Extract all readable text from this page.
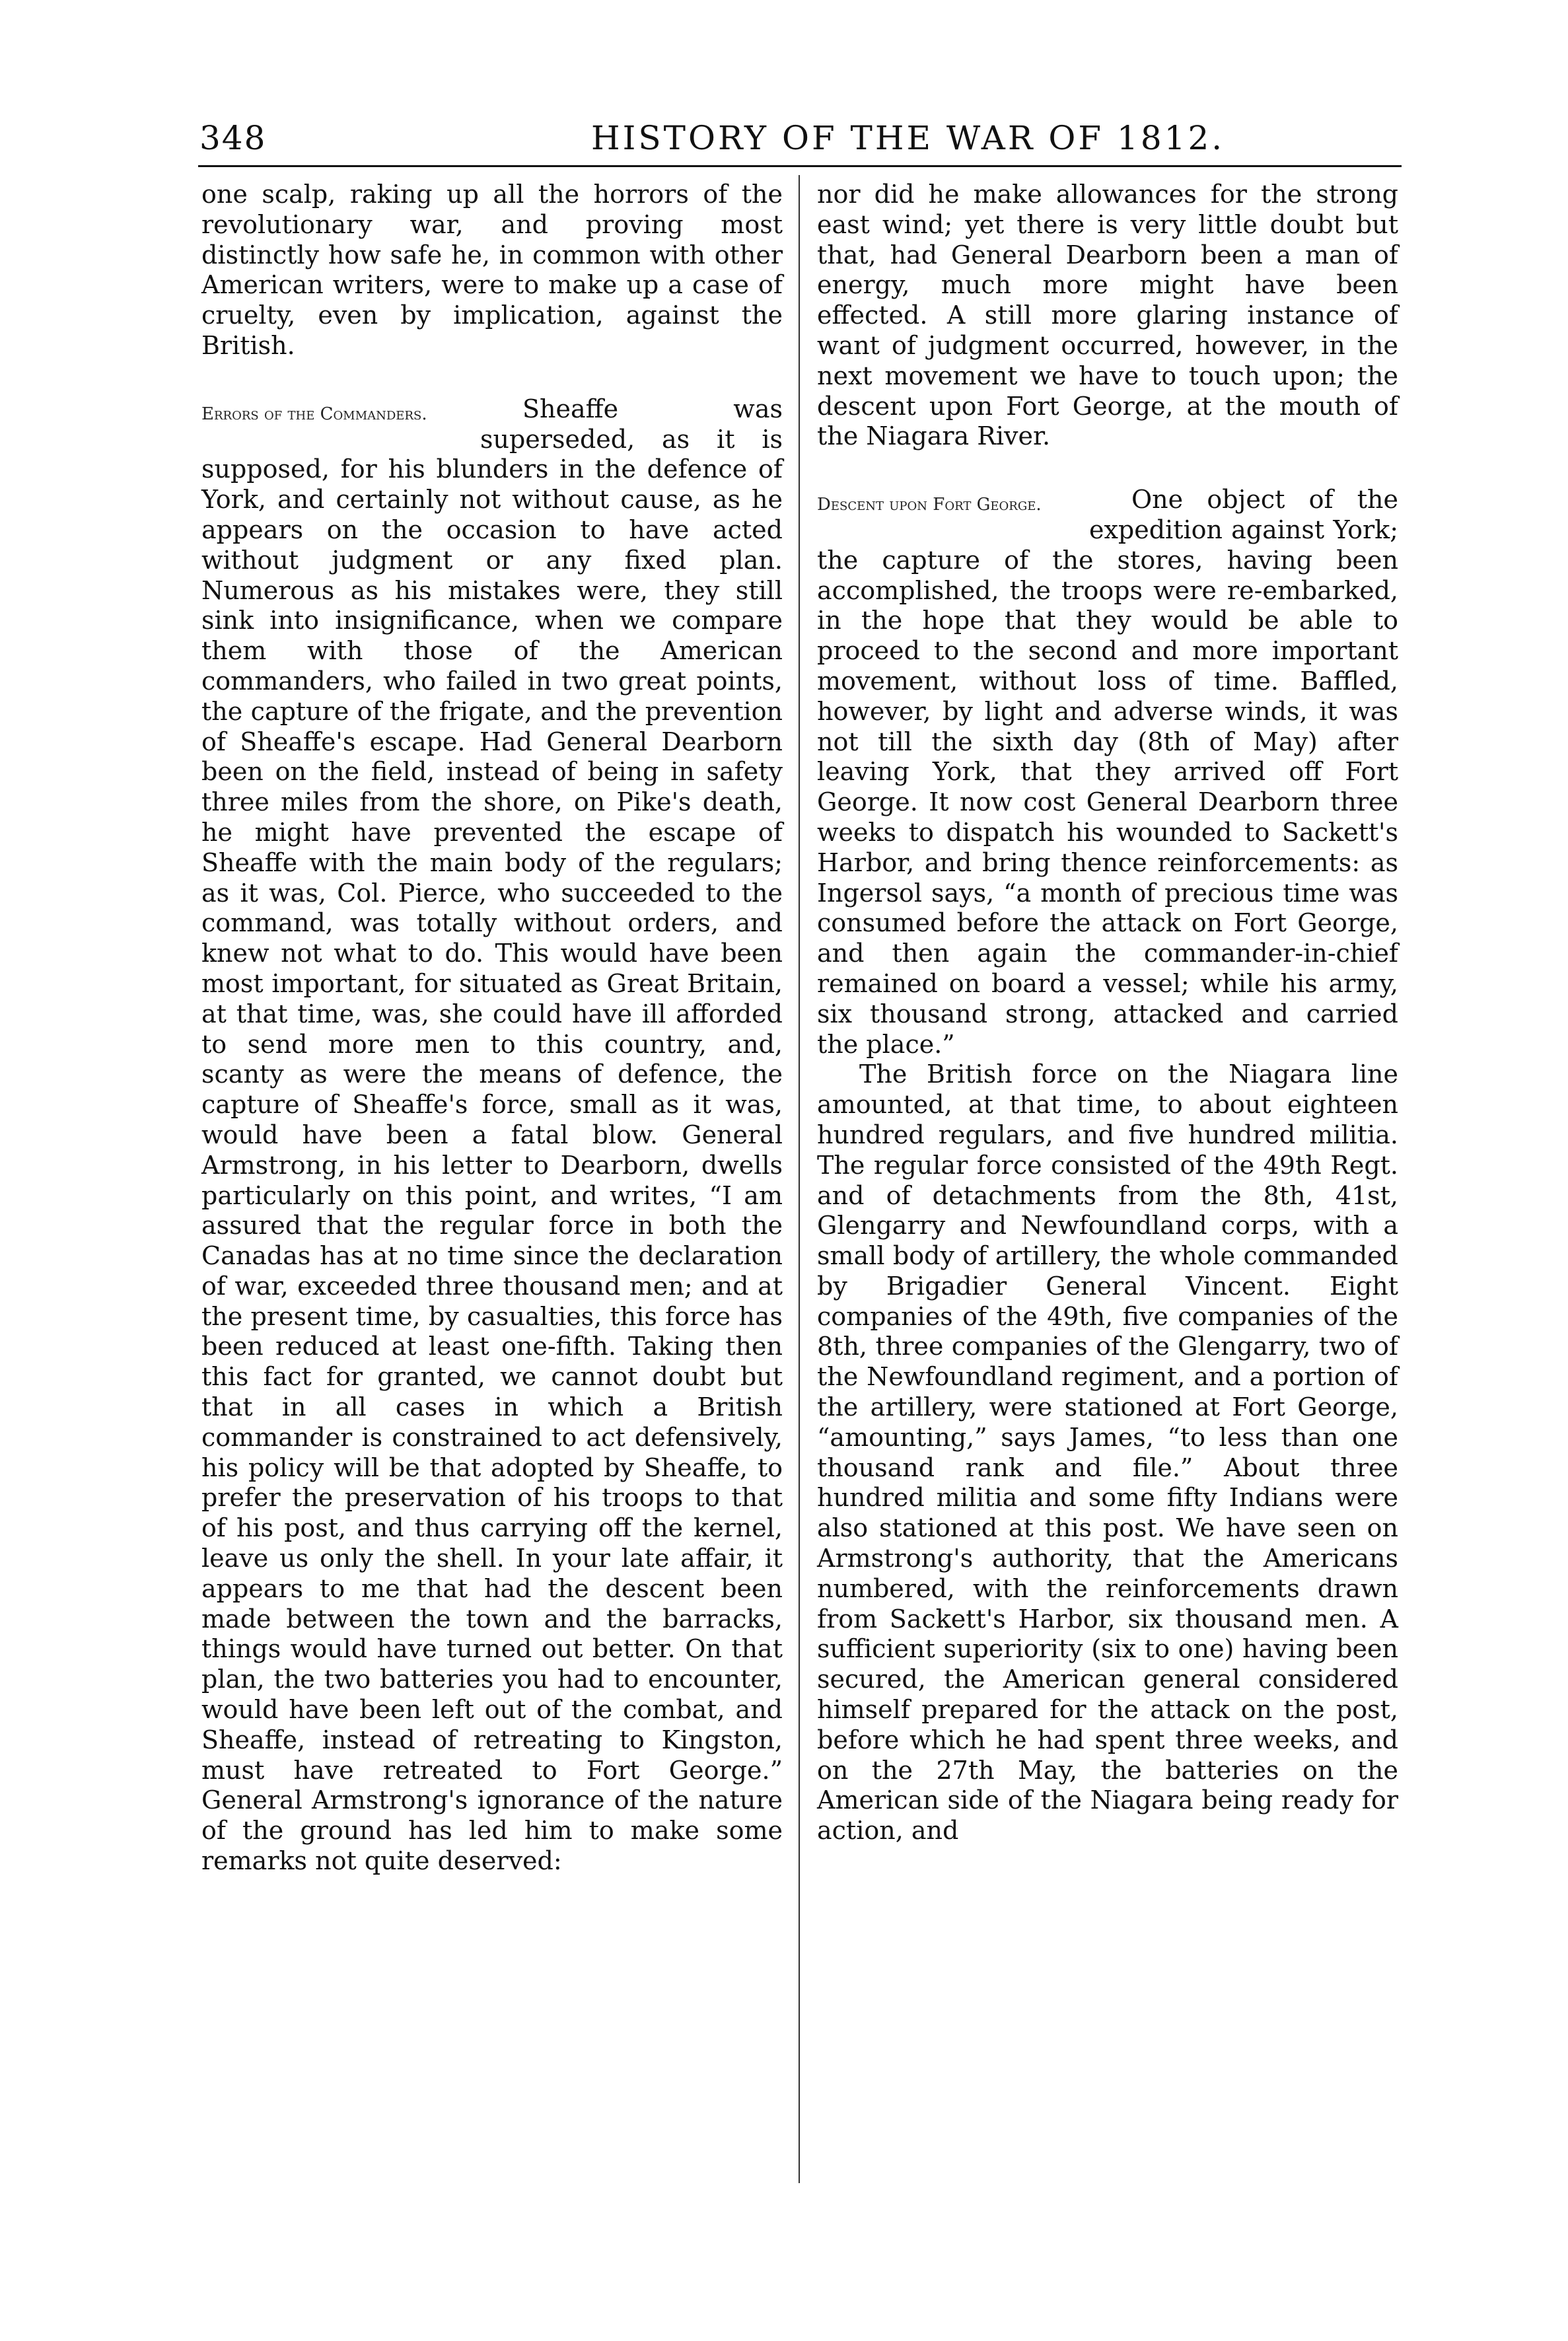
348	HISTORY OF THE WAR OF 1812.

one scalp, raking up all the horrors of the revolutionary war, and proving most distinctly how safe he, in common with other American writers, were to make up a case of cruelty, even by implication, against the British.

Errors of the Commanders.	Sheaffe was superseded, as it is supposed, for his blunders in the defence of York, and certainly not without cause, as he appears on the occasion to have acted without judgment or any fixed plan. Numerous as his mistakes were, they still sink into insignificance, when we compare them with those of the American commanders, who failed in two great points, the capture of the frigate, and the prevention of Sheaffe's escape. Had General Dearborn been on the field, instead of being in safety three miles from the shore, on Pike's death, he might have prevented the escape of Sheaffe with the main body of the regulars; as it was, Col. Pierce, who succeeded to the command, was totally without orders, and knew not what to do. This would have been most important, for situated as Great Britain, at that time, was, she could have ill afforded to send more men to this country, and, scanty as were the means of defence, the capture of Sheaffe's force, small as it was, would have been a fatal blow. General Armstrong, in his letter to Dearborn, dwells particularly on this point, and writes, “I am assured that the regular force in both the Canadas has at no time since the declaration of war, exceeded three thousand men; and at the present time, by casualties, this force has been reduced at least one-fifth. Taking then this fact for granted, we cannot doubt but that in all cases in which a British commander is constrained to act defensively, his policy will be that adopted by Sheaffe, to prefer the preservation of his troops to that of his post, and thus carrying off the kernel, leave us only the shell. In your late affair, it appears to me that had the descent been made between the town and the barracks, things would have turned out better. On that plan, the two batteries you had to encounter, would have been left out of the combat, and Sheaffe, instead of retreating to Kingston, must have retreated to Fort George.” General Armstrong's ignorance of the nature of the ground has led him to make some remarks not quite deserved:

nor did he make allowances for the strong east wind; yet there is very little doubt but that, had General Dearborn been a man of energy, much more might have been effected. A still more glaring instance of want of judgment occurred, however, in the next movement we have to touch upon; the descent upon Fort George, at the mouth of the Niagara River.

Descent upon Fort George.	One object of the expedition against York; the capture of the stores, having been accomplished, the troops were re-embarked, in the hope that they would be able to proceed to the second and more important movement, without loss of time. Baffled, however, by light and adverse winds, it was not till the sixth day (8th of May) after leaving York, that they arrived off Fort George. It now cost General Dearborn three weeks to dispatch his wounded to Sackett's Harbor, and bring thence reinforcements: as Ingersol says, “a month of precious time was consumed before the attack on Fort George, and then again the commander-in-chief remained on board a vessel; while his army, six thousand strong, attacked and carried the place.”

The British force on the Niagara line amounted, at that time, to about eighteen hundred regulars, and five hundred militia. The regular force consisted of the 49th Regt. and of detachments from the 8th, 41st, Glengarry and Newfoundland corps, with a small body of artillery, the whole commanded by Brigadier General Vincent. Eight companies of the 49th, five companies of the 8th, three companies of the Glengarry, two of the Newfoundland regiment, and a portion of the artillery, were stationed at Fort George, “amounting,” says James, “to less than one thousand rank and file.” About three hundred militia and some fifty Indians were also stationed at this post. We have seen on Armstrong's authority, that the Americans numbered, with the reinforcements drawn from Sackett's Harbor, six thousand men. A sufficient superiority (six to one) having been secured, the American general considered himself prepared for the attack on the post, before which he had spent three weeks, and on the 27th May, the batteries on the American side of the Niagara being ready for action, and
